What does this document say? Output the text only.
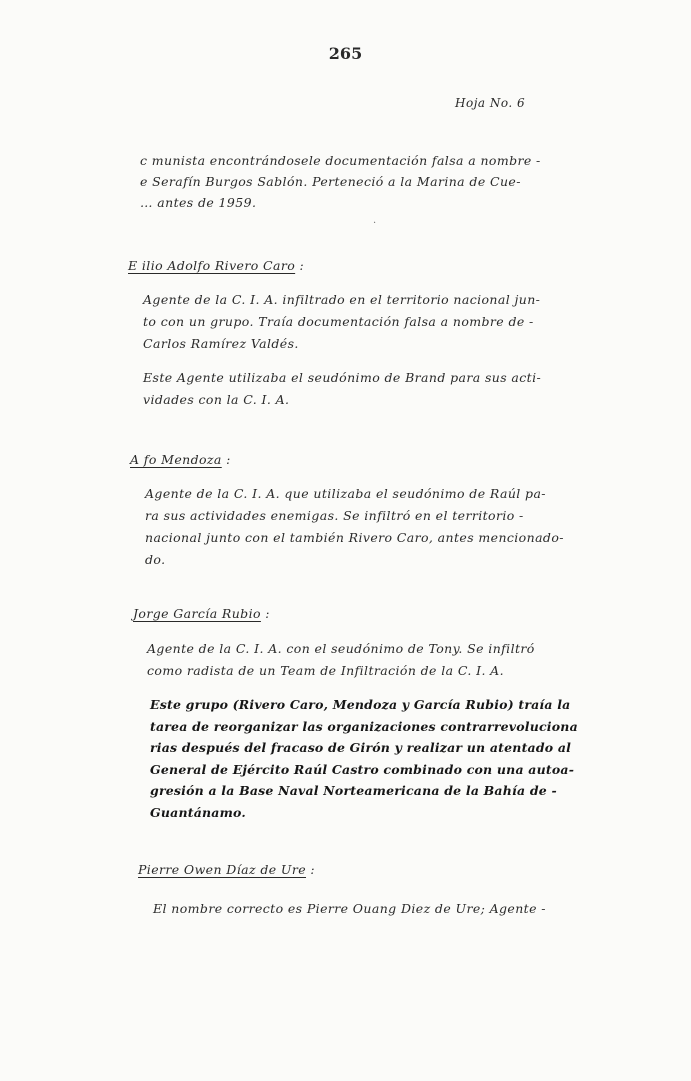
265
Hoja No. 6
c munista encontrándosele documentación falsa a nombre -
e Serafín Burgos Sablón. Perteneció a la Marina de Cue-
… antes de 1959.
·
E ilio Adolfo Rivero Caro :
Agente de la C. I. A. infiltrado en el territorio nacional jun-
to con un grupo. Traía documentación falsa a nombre de -
Carlos Ramírez Valdés.
Este Agente utilizaba el seudónimo de Brand para sus acti-
vidades con la C. I. A.
A fo Mendoza :
Agente de la C. I. A. que utilizaba el seudónimo de Raúl pa-
ra sus actividades enemigas. Se infiltró en el territorio -
nacional junto con el también Rivero Caro, antes mencionado-
do.
Jorge García Rubio :
Agente de la C. I. A. con el seudónimo de Tony. Se infiltró
como radista de un Team de Infiltración de la C. I. A.
Este grupo (Rivero Caro, Mendoza y García Rubio) traía la
tarea de reorganizar las organizaciones contrarrevoluciona
rias después del fracaso de Girón y realizar un atentado al
General de Ejército Raúl Castro combinado con una autoa-
gresión a la Base Naval Norteamericana de la Bahía de -
Guantánamo.
Pierre Owen Díaz de Ure :
El nombre correcto es Pierre Ouang Diez de Ure; Agente -
